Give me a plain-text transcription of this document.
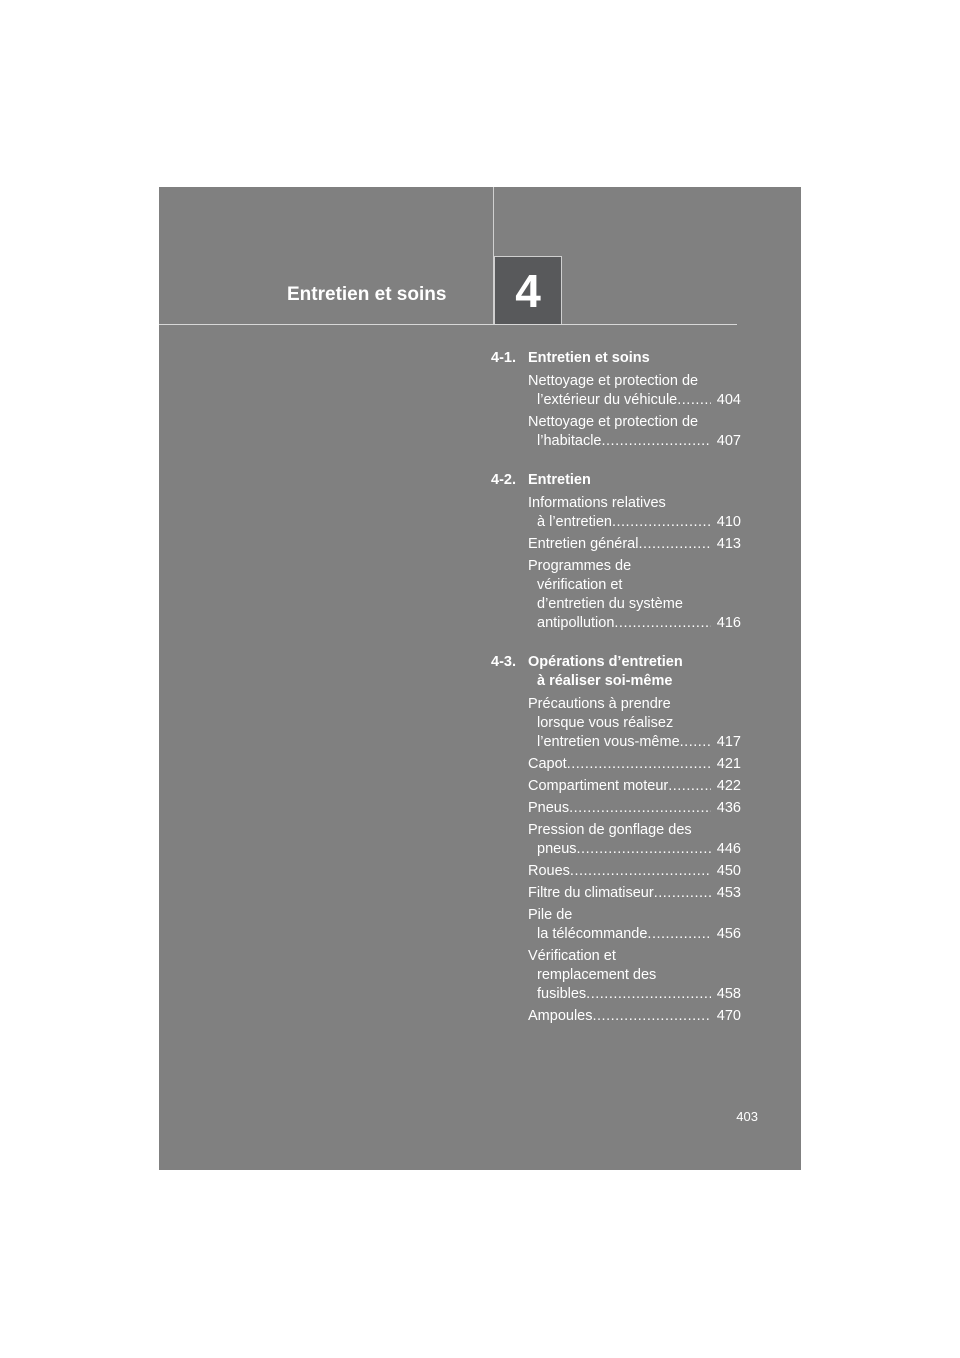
Entretien et soins	4
4-1. Entretien et soins
Nettoyage et protection de
l’extérieur du véhicule .....	404
Nettoyage et protection de
l’habitacle .....	407
4-2. Entretien
Informations relatives
à l’entretien .....	410
Entretien général .....	413
Programmes de
vérification et
d’entretien du système
antipollution .....	416
4-3. Opérations d’entretien
à réaliser soi-même
Précautions à prendre
lorsque vous réalisez
l’entretien vous-même .....	417
Capot .....	421
Compartiment moteur .....	422
Pneus .....	436
Pression de gonflage des
pneus .....	446
Roues .....	450
Filtre du climatiseur .....	453
Pile de
la télécommande .....	456
Vérification et
remplacement des
fusibles .....	458
Ampoules .....	470
403
